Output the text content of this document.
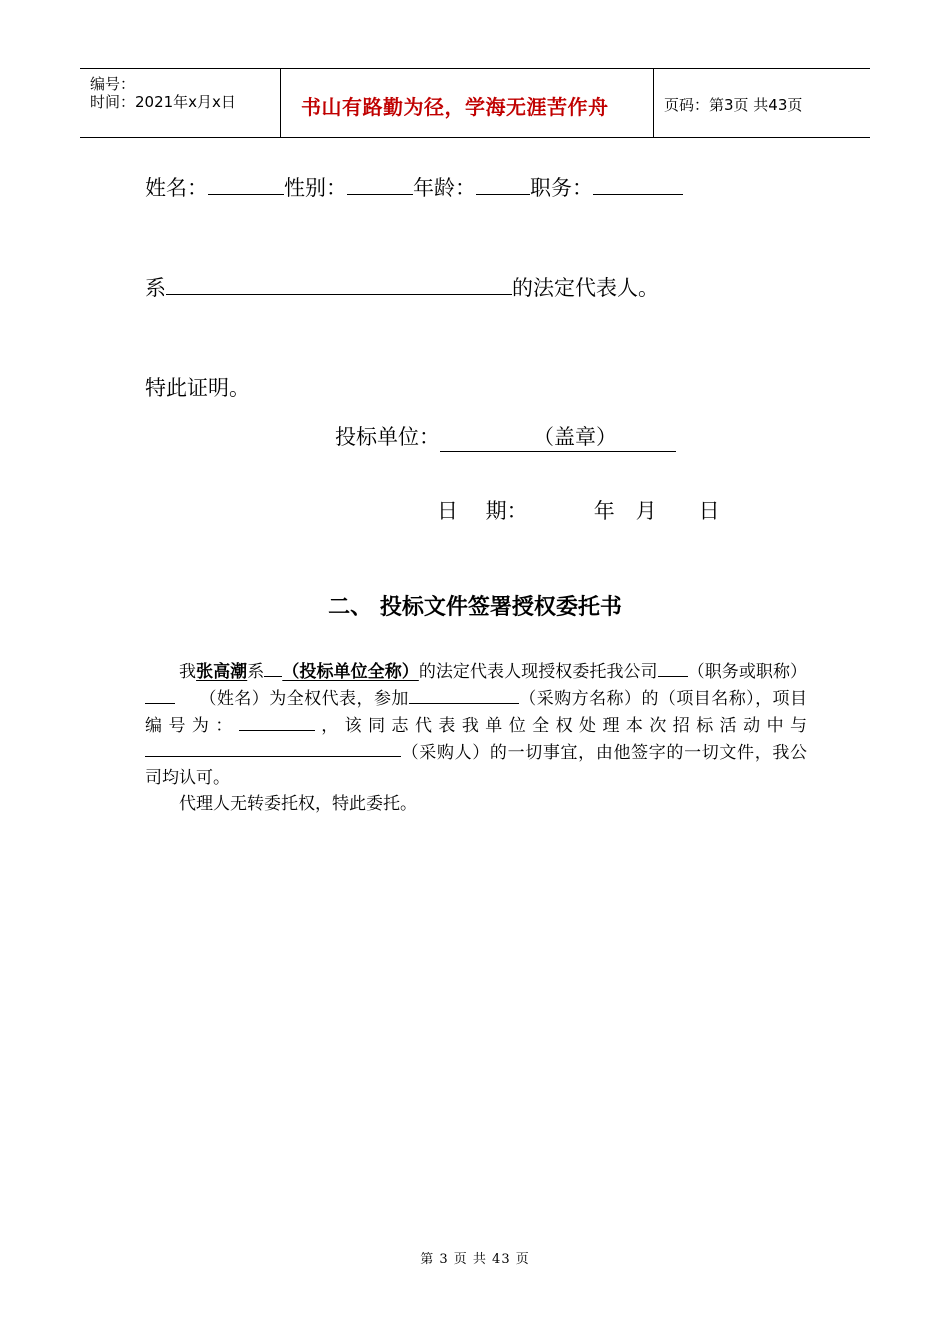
编号：
时间：2021年x月x日	书山有路勤为径，学海无涯苦作舟	页码：第3页 共43页
姓名：	性别：	年龄：	职务：
系	的法定代表人。
特此证明。
投标单位：	（盖章）
日　 期：	年　月　　日
二、 投标文件签署授权委托书

我张高潮系 （投标单位全称）的法定代表人现授权委托我公司 （职务或职称）（姓名）为全权代表，参加	（采购方名称）的（项目名称），项目编号为：	，该同志代表我单位全权处理本次招标活动中与（采购人）的一切事宜，由他签字的一切文件，我公司均认可。

代理人无转委托权，特此委托。

第 3 页 共 43 页
